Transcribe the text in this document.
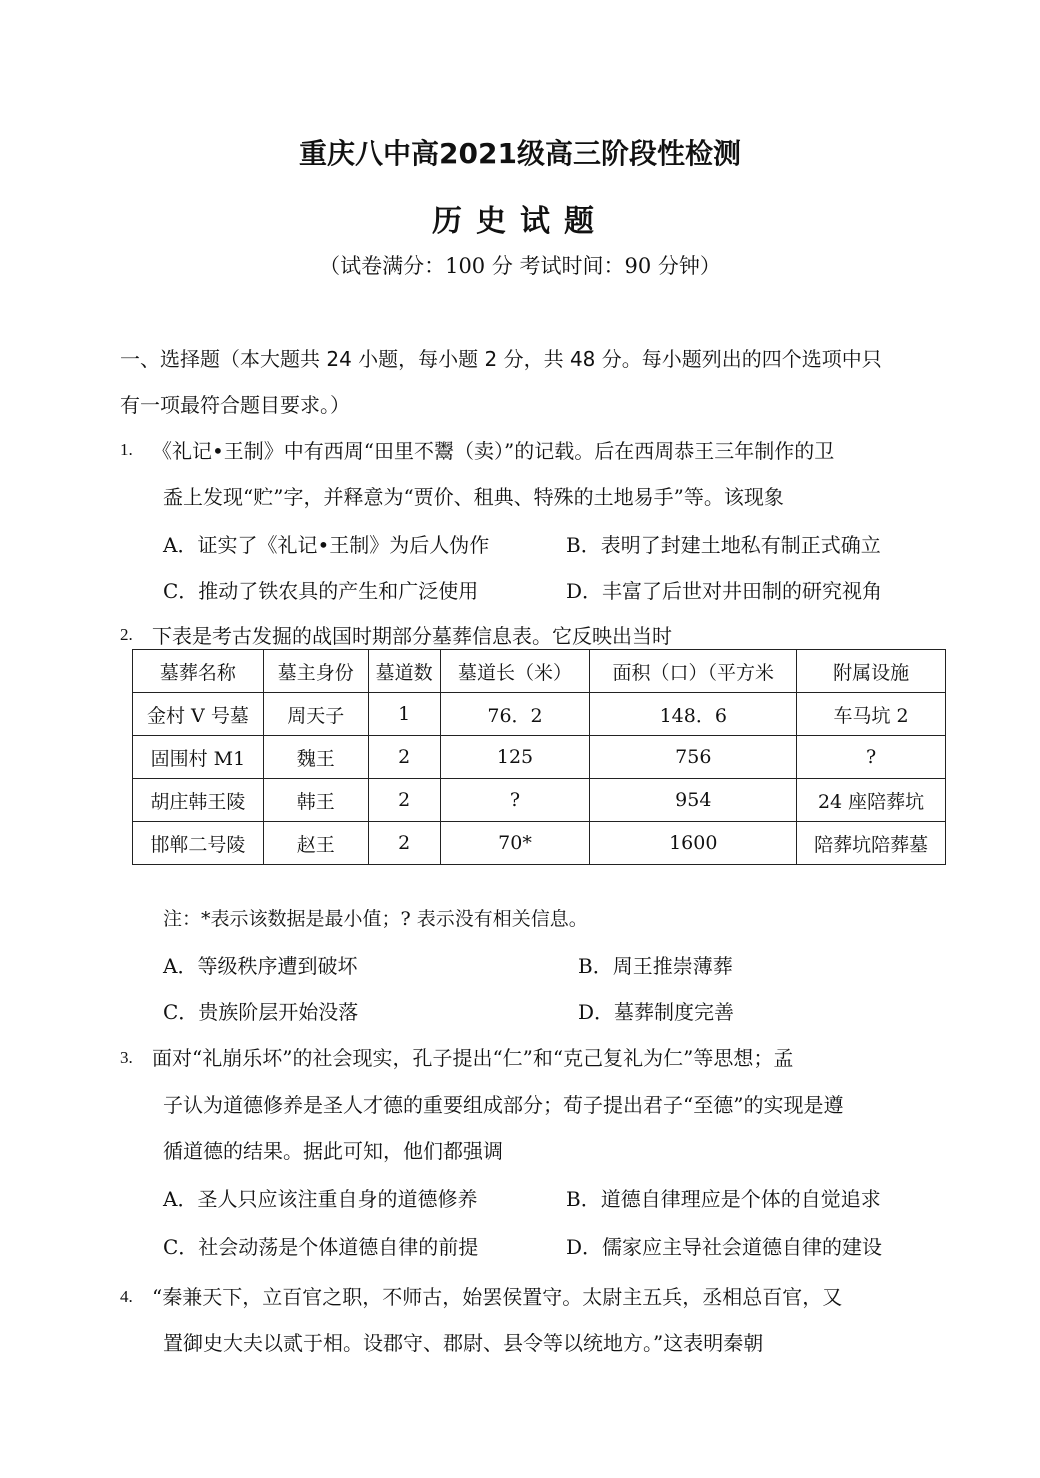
重庆八中高2021级高三阶段性检测
历史试题
（试卷满分：100 分 考试时间：90 分钟）
一、选择题（本大题共 24 小题，每小题 2 分，共 48 分。每小题列出的四个选项中只
有一项最符合题目要求。）
1. 《礼记•王制》中有西周“田里不鬻（卖）”的记载。后在西周恭王三年制作的卫
盉上发现“贮”字，并释意为“贾价、租典、特殊的土地易手”等。该现象
A．证实了《礼记•王制》为后人伪作	B．表明了封建土地私有制正式确立
C．推动了铁农具的产生和广泛使用	D．丰富了后世对井田制的研究视角
2. 下表是考古发掘的战国时期部分墓葬信息表。它反映出当时
墓葬名称	墓主身份	墓道数	墓道长（米）	面积（口）（平方米	附属设施
金村 V 号墓	周天子	1	76．2	148．6	车马坑 2
固围村 M1	魏王	2	125	756	?
胡庄韩王陵	韩王	2	?	954	24 座陪葬坑
邯郸二号陵	赵王	2	70*	1600	陪葬坑陪葬墓
注：*表示该数据是最小值；? 表示没有相关信息。
A．等级秩序遭到破坏	B．周王推崇薄葬
C．贵族阶层开始没落	D．墓葬制度完善
3. 面对“礼崩乐坏”的社会现实，孔子提出“仁”和“克己复礼为仁”等思想；孟
子认为道德修养是圣人才德的重要组成部分；荀子提出君子“至德”的实现是遵
循道德的结果。据此可知，他们都强调
A．圣人只应该注重自身的道德修养	B．道德自律理应是个体的自觉追求
C．社会动荡是个体道德自律的前提	D．儒家应主导社会道德自律的建设
4. “秦兼天下，立百官之职，不师古，始罢侯置守。太尉主五兵，丞相总百官，又
置御史大夫以贰于相。设郡守、郡尉、县令等以统地方。”这表明秦朝
